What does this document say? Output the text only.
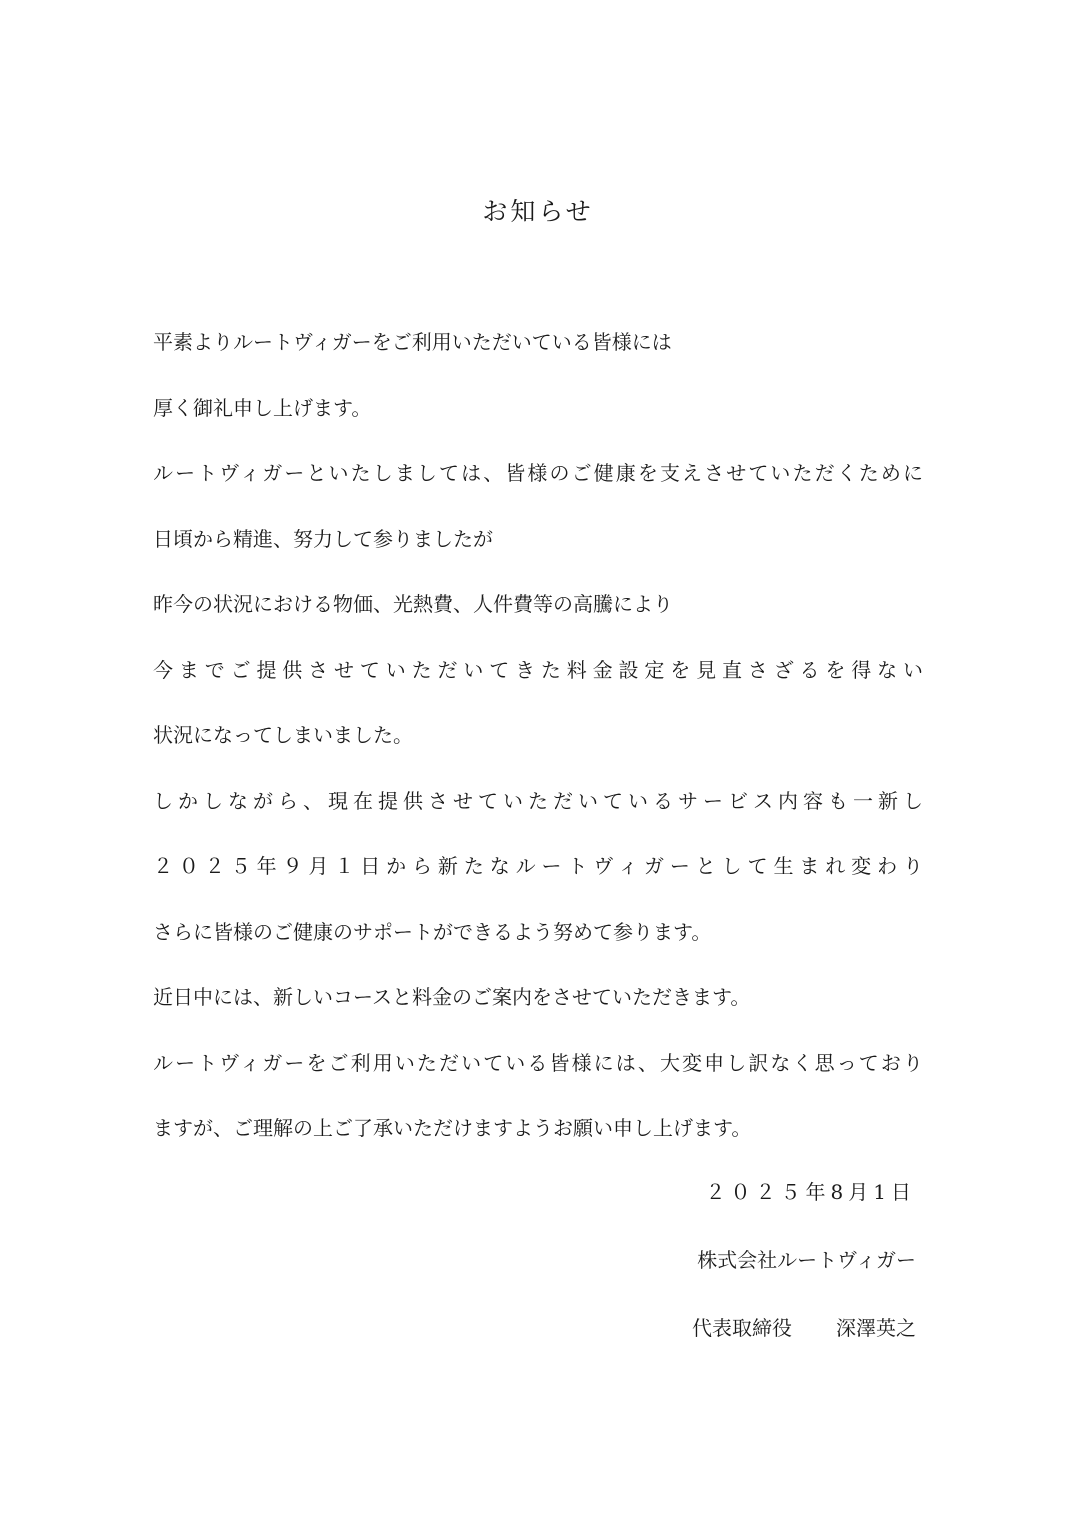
お知らせ
平素よりルートヴィガーをご利用いただいている皆様には
厚く御礼申し上げます。
ルートヴィガーといたしましては、皆様のご健康を支えさせていただくために
日頃から精進、努力して参りましたが
昨今の状況における物価、光熱費、人件費等の高騰により
今までご提供させていただいてきた料金設定を見直さざるを得ない
状況になってしまいました。
しかしながら、現在提供させていただいているサービス内容も一新し
２０２５年９月１日から新たなルートヴィガーとして生まれ変わり
さらに皆様のご健康のサポートができるよう努めて参ります。
近日中には、新しいコースと料金のご案内をさせていただきます。
ルートヴィガーをご利用いただいている皆様には、大変申し訳なく思っており
ますが、ご理解の上ご了承いただけますようお願い申し上げます。
２０２５年8月1日
株式会社ルートヴィガー
代表取締役 深澤英之
